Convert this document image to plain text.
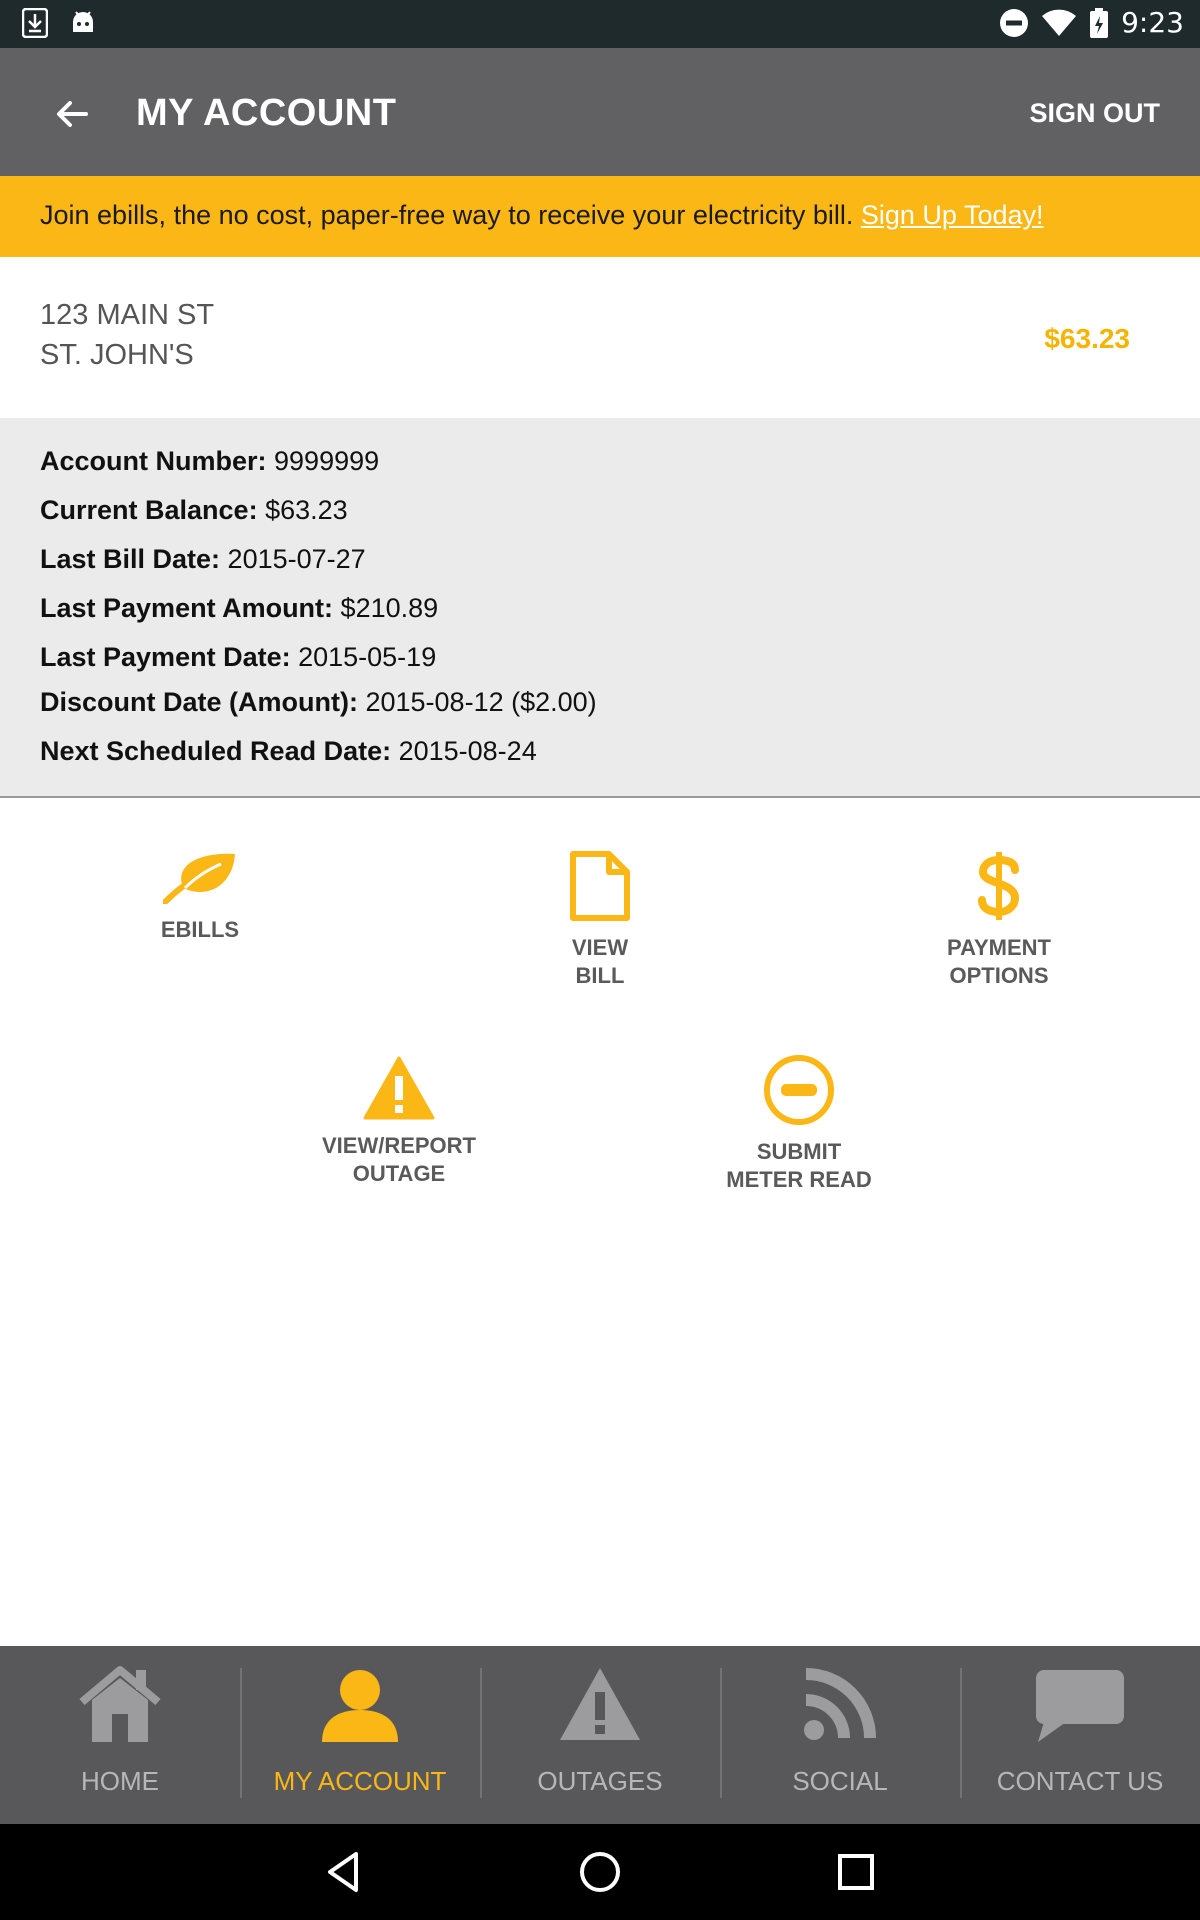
9:23
MY ACCOUNT	SIGN OUT
Join ebills, the no cost, paper-free way to receive your electricity bill. Sign Up Today!
123 MAIN ST
ST. JOHN'S
$63.23
Account Number: 9999999
Current Balance: $63.23
Last Bill Date: 2015-07-27
Last Payment Amount: $210.89
Last Payment Date: 2015-05-19
Discount Date (Amount): 2015-08-12 ($2.00)
Next Scheduled Read Date: 2015-08-24
EBILLS
VIEW
BILL
PAYMENT
OPTIONS
VIEW/REPORT
OUTAGE
SUBMIT
METER READ
HOME	MY ACCOUNT	OUTAGES	SOCIAL	CONTACT US
